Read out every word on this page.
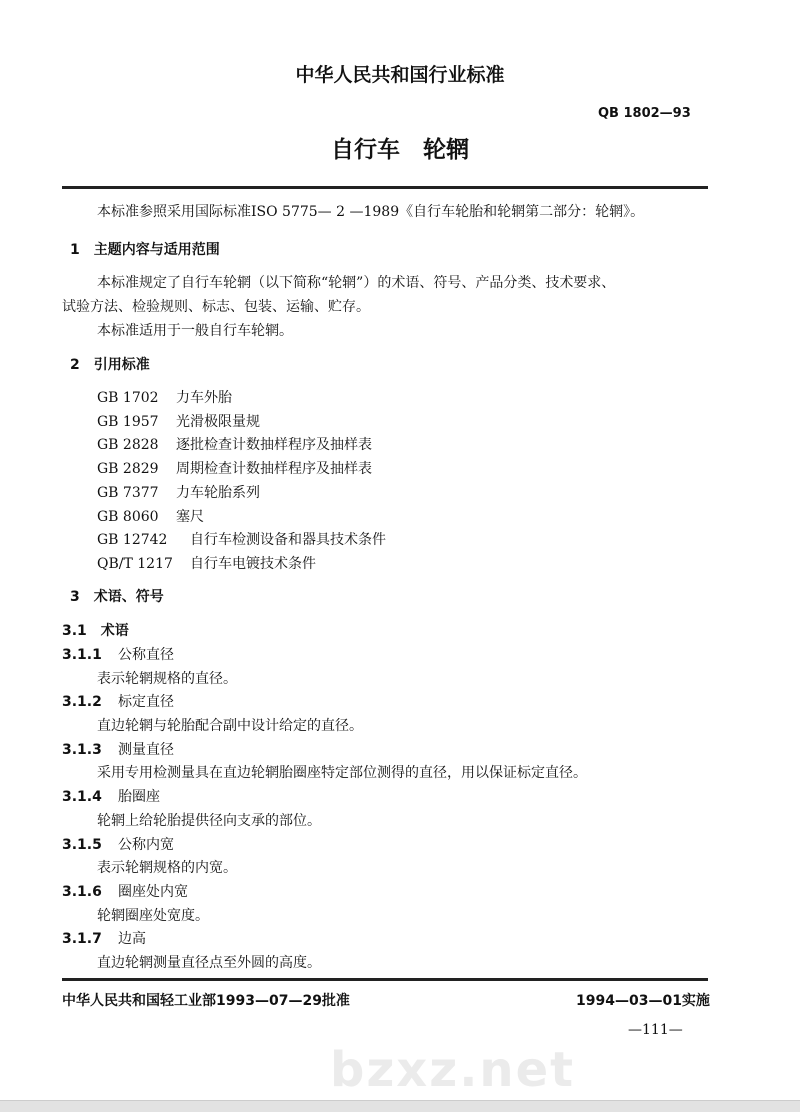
中华人民共和国行业标准
QB 1802—93
自行车　轮辋
本标准参照采用国际标准ISO 5775— 2 —1989《自行车轮胎和轮辋第二部分：轮辋》。
1　主题内容与适用范围
本标准规定了自行车轮辋（以下简称“轮辋”）的术语、符号、产品分类、技术要求、
试验方法、检验规则、标志、包装、运输、贮存。
本标准适用于一般自行车轮辋。
2　引用标准
GB 1702 力车外胎
GB 1957 光滑极限量规
GB 2828 逐批检查计数抽样程序及抽样表
GB 2829 周期检查计数抽样程序及抽样表
GB 7377 力车轮胎系列
GB 8060 塞尺
GB 12742 自行车检测设备和器具技术条件
QB/T 1217 自行车电镀技术条件
3　术语、符号
3.1　术语
3.1.1 公称直径
表示轮辋规格的直径。
3.1.2 标定直径
直边轮辋与轮胎配合副中设计给定的直径。
3.1.3 测量直径
采用专用检测量具在直边轮辋胎圈座特定部位测得的直径，用以保证标定直径。
3.1.4 胎圈座
轮辋上给轮胎提供径向支承的部位。
3.1.5 公称内宽
表示轮辋规格的内宽。
3.1.6 圈座处内宽
轮辋圈座处宽度。
3.1.7 边高
直边轮辋测量直径点至外圆的高度。
中华人民共和国轻工业部1993—07—29批准	1994—03—01实施
—111—
bzxz.net
